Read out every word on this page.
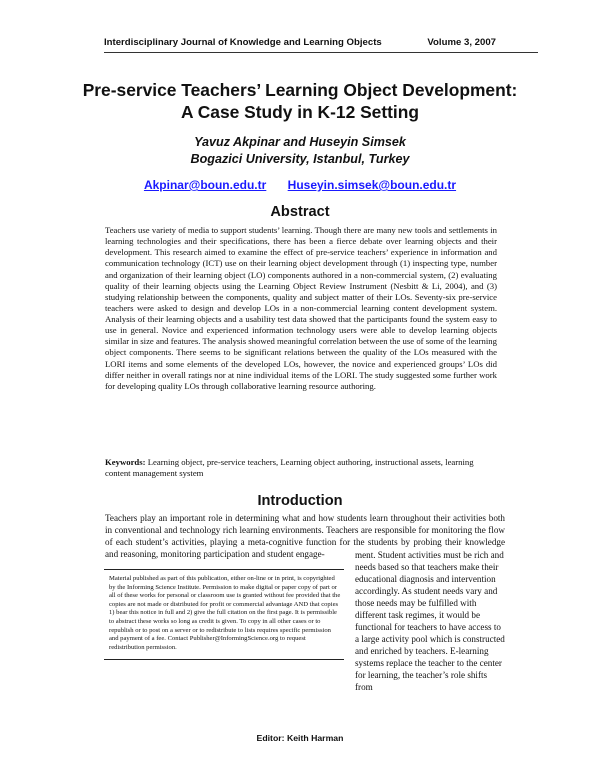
Interdisciplinary Journal of Knowledge and Learning Objects	Volume 3, 2007
Pre-service Teachers’ Learning Object Development: A Case Study in K-12 Setting
Yavuz Akpinar and Huseyin Simsek
Bogazici University, Istanbul, Turkey
Akpinar@boun.edu.tr Huseyin.simsek@boun.edu.tr
Abstract

Teachers use variety of media to support students’ learning. Though there are many new tools and settlements in learning technologies and their specifications, there has been a fierce debate over learning objects and their development. This research aimed to examine the effect of pre-service teachers’ experience in information and communication technology (ICT) use on their learning object development through (1) inspecting type, number and organization of their learning object (LO) components authored in a non-commercial system, (2) evaluating quality of their learning objects using the Learning Object Review Instrument (Nesbitt & Li, 2004), and (3) studying relationship between the components, quality and subject matter of their LOs. Seventy-six pre-service teachers were asked to design and develop LOs in a non-commercial learning content development system. Analysis of their learning objects and a usability test data showed that the participants found the system easy to use in general. Novice and experienced information technology users were able to develop learning objects similar in size and features. The analysis showed meaningful correlation between the use of some of the learning object components. There seems to be significant relations between the quality of the LOs measured with the LORI items and some elements of the developed LOs, however, the novice and experienced groups’ LOs did differ neither in overall ratings nor at nine individual items of the LORI. The study suggested some further work for developing quality LOs through collaborative learning resource authoring.

Keywords: Learning object, pre-service teachers, Learning object authoring, instructional assets, learning content management system

Introduction

Teachers play an important role in determining what and how students learn throughout their activities both in conventional and technology rich learning environments. Teachers are responsible for monitoring the flow of each student’s activities, playing a meta-cognitive function for the students by probing their knowledge and reasoning, monitoring participation and student engage-	ment. Student activities must be rich and needs based so that teachers make their educational diagnosis and intervention accordingly. As student needs vary and those needs may be fulfilled with different task regimes, it would be functional for teachers to have access to a large activity pool which is constructed and enriched by teachers. E-learning systems replace the teacher to the center for learning, the teacher’s role shifts from

Material published as part of this publication, either on-line or in print, is copyrighted by the Informing Science Institute. Permission to make digital or paper copy of part or all of these works for personal or classroom use is granted without fee provided that the copies are not made or distributed for profit or commercial advantage AND that copies 1) bear this notice in full and 2) give the full citation on the first page. It is permissible to abstract these works so long as credit is given. To copy in all other cases or to republish or to post on a server or to redistribute to lists requires specific permission and payment of a fee. Contact Publisher@InformingScience.org to request redistribution permission.

Editor: Keith Harman
